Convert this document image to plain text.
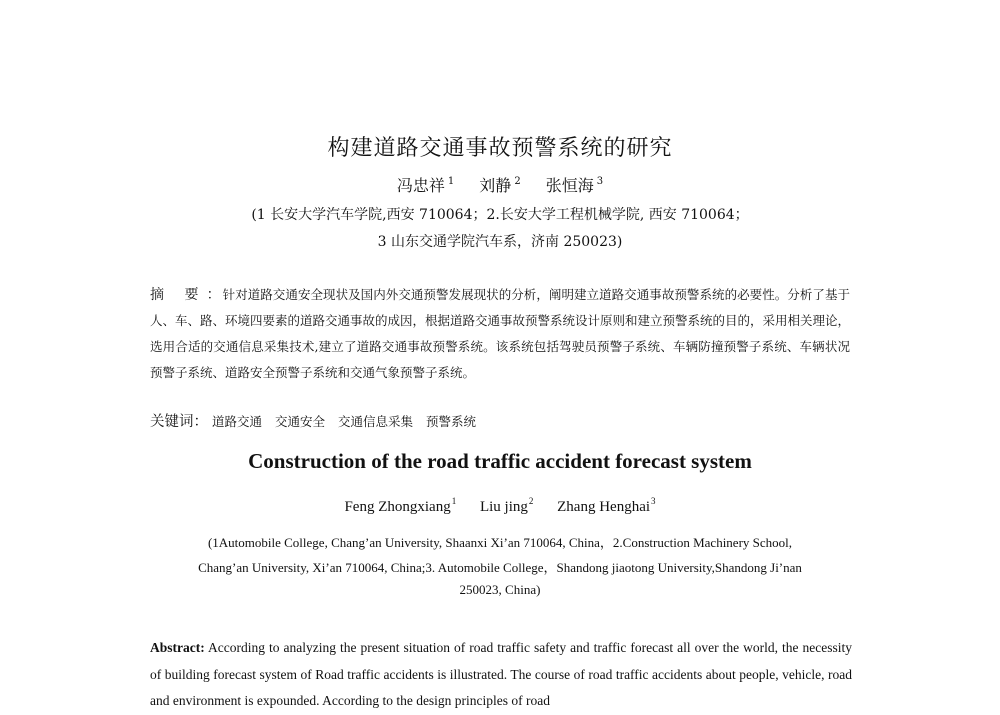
构建道路交通事故预警系统的研究
冯忠祥 $^1$ 刘静 $^2$ 张恒海 $^3$
(1 长安大学汽车学院,西安 710064；2.长安大学工程机械学院, 西安 710064；
3 山东交通学院汽车系，济南 250023)
摘 要： 针对道路交通安全现状及国内外交通预警发展现状的分析，阐明建立道路交通事故预警系统的必要性。分析了基于人、车、路、环境四要素的道路交通事故的成因，根据道路交通事故预警系统设计原则和建立预警系统的目的，采用相关理论，选用合适的交通信息采集技术,建立了道路交通事故预警系统。该系统包括驾驶员预警子系统、车辆防撞预警子系统、车辆状况预警子系统、道路安全预警子系统和交通气象预警子系统。
关键词： 道路交通 交通安全 交通信息采集 预警系统
Construction of the road traffic accident forecast system
Feng Zhongxiang$^1$ Liu jing$^2$ Zhang Henghai$^3$
(1Automobile College, Chang’an University, Shaanxi Xi’an 710064, China，2.Construction Machinery School,
Chang’an University, Xi’an 710064, China;3. Automobile College，Shandong jiaotong University,Shandong Ji’nan
250023, China)
Abstract: According to analyzing the present situation of road traffic safety and traffic forecast all over the world, the necessity of building forecast system of Road traffic accidents is illustrated. The course of road traffic accidents about people, vehicle, road and environment is expounded. According to the design principles of road
